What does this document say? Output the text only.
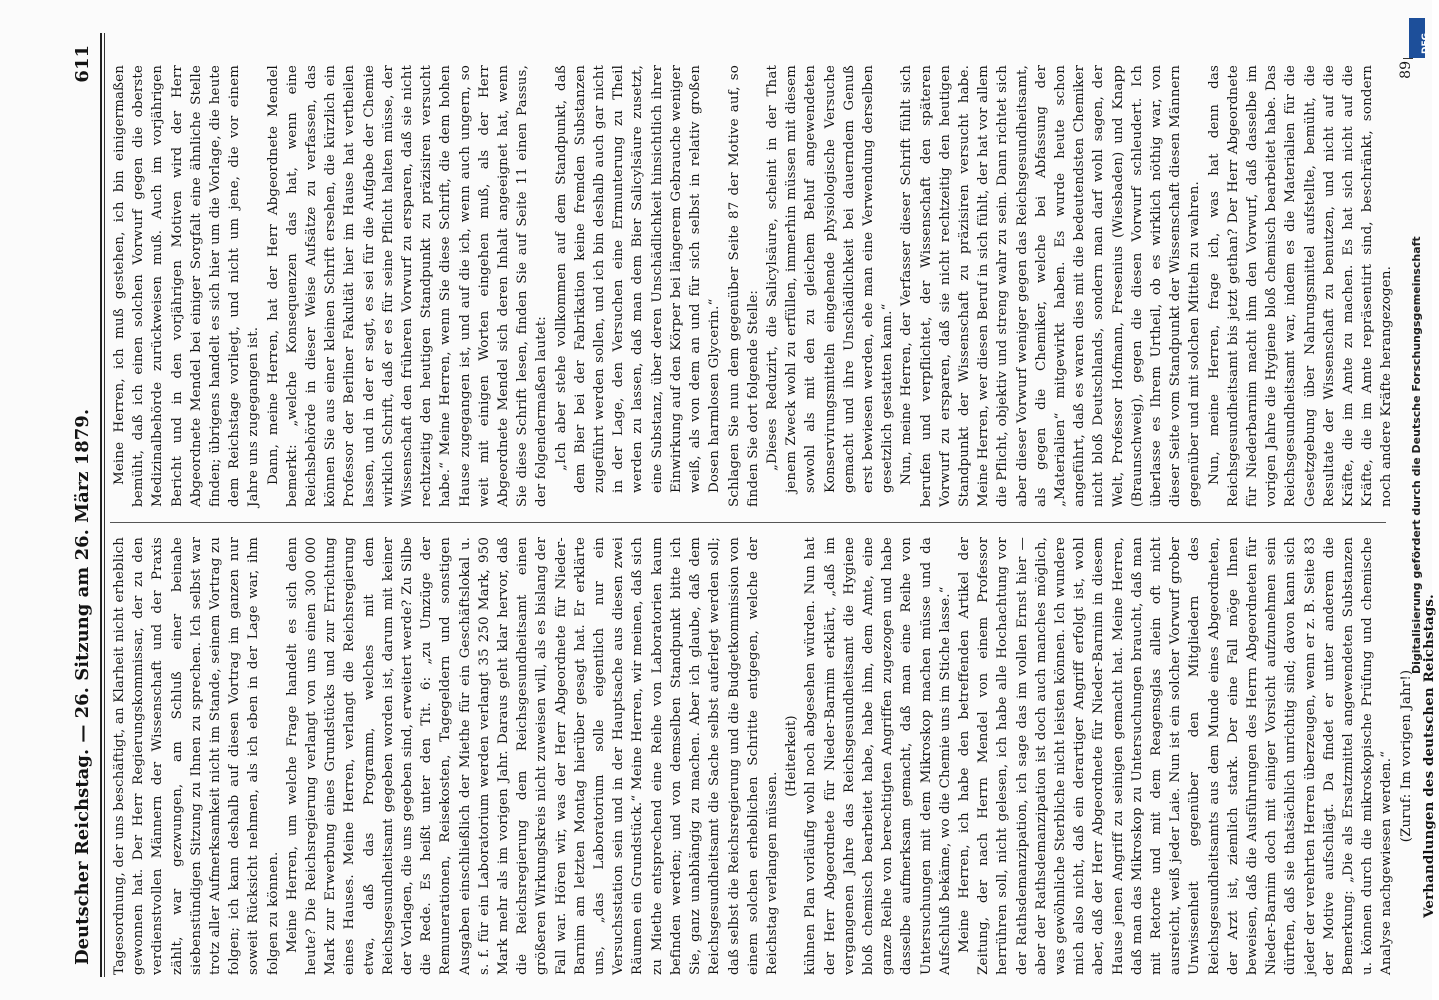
Deutscher Reichstag. — 26. Sitzung am 26. März 1879.
611

Tagesordnung, der uns beschäftigt, an Klarheit nicht erheblich gewonnen hat. Der Herr Regierungskommissar, der zu den verdienstvollen Männern der Wissenschaft und der Praxis zählt, war gezwungen, am Schluß einer beinahe siebenstündigen Sitzung zu Ihnen zu sprechen. Ich selbst war trotz aller Aufmerksamkeit nicht im Stande, seinem Vortrag zu folgen; ich kann deshalb auf diesen Vortrag im ganzen nur soweit Rücksicht nehmen, als ich eben in der Lage war, ihm folgen zu können. Meine Herren, um welche Frage handelt es sich denn heute? Die Reichsregierung verlangt von uns einen 300 000 Mark zur Erwerbung eines Grundstücks und zur Errichtung eines Hauses. Meine Herren, verlangt die Reichsregierung etwa, daß das Programm, welches mit dem Reichsgesundheitsamt gegeben worden ist, darum mit keiner der Vorlagen, die uns gegeben sind, erweitert werde? Zu Silbe die Rede. Es heißt unter den Tit. 6: „zu Umzüge der Remunerationen, Reisekosten, Tagegeldern und sonstigen Ausgaben einschließlich der Miethe für ein Geschäftslokal u. s. f. für ein Laboratorium werden verlangt 35 250 Mark, 950 Mark mehr als im vorigen Jahr. Daraus geht klar hervor, daß die Reichsregierung dem Reichsgesundheitsamt einen größeren Wirkungskreis nicht zuweisen will, als es bislang der Fall war. Hören wir, was der Herr Abgeordnete für Nieder-Barnim am letzten Montag hierüber gesagt hat. Er erklärte uns, „das Laboratorium solle eigentlich nur ein Versuchsstation sein und in der Hauptsache aus diesen zwei Räumen ein Grundstück.“ Meine Herren, wir meinen, daß sich zu Miethe entsprechend eine Reihe von Laboratorien kaum befinden werden; und von demselben Standpunkt bitte ich Sie, ganz unabhängig zu machen. Aber ich glaube, daß dem Reichsgesundheitsamt die Sache selbst auferlegt werden soll; daß selbst die Reichsregierung und die Budgetkommission von einem solchen erheblichen Schritte entgegen, welche der Reichstag verlangen müssen.

(Heiterkeit) kühnen Plan vorläufig wohl noch abgesehen würden. Nun hat der Herr Abgeordnete für Nieder-Barnim erklärt, „daß im vergangenen Jahre das Reichsgesundheitsamt die Hygiene bloß chemisch bearbeitet habe, habe ihm, dem Amte, eine ganze Reihe von berechtigten Angriffen zugezogen und habe dasselbe aufmerksam gemacht, daß man eine Reihe von Untersuchungen mit dem Mikroskop machen müsse und da Aufschluß bekäme, wo die Chemie uns im Stiche lasse.“ Meine Herren, ich habe den betreffenden Artikel der Zeitung, der nach Herrn Mendel von einem Professor herrühren soll, nicht gelesen, ich habe alle Hochachtung vor der Rathsdemanzipation, ich sage das im vollen Ernst hier — aber der Rathsdemanzipation ist doch auch manches möglich, was gewöhnliche Sterbliche nicht leisten können. Ich wundere mich also nicht, daß ein derartiger Angriff erfolgt ist, wohl aber, daß der Herr Abgeordnete für Nieder-Barnim in diesem Hause jenen Angriff zu seinigen gemacht hat. Meine Herren, daß man das Mikroskop zu Untersuchungen braucht, daß man mit Retorte und mit dem Reagensglas allein oft nicht ausreicht, weiß jeder Laie. Nun ist ein solcher Vorwurf grober Unwissenheit gegenüber den Mitgliedern des Reichsgesundheitsamts aus dem Munde eines Abgeordneten, der Arzt ist, ziemlich stark. Der eine Fall möge Ihnen beweisen, daß die Ausführungen des Herrn Abgeordneten für Nieder-Barnim doch mit einiger Vorsicht aufzunehmen sein dürften, daß sie thatsächlich unrichtig sind; davon kann sich jeder der verehrten Herren überzeugen, wenn er z. B. Seite 83 der Motive aufschlägt. Da findet er unter anderem die Bemerkung: „Die als Ersatzmittel angewendeten Substanzen u. können durch die mikroskopische Prüfung und chemische Analyse nachgewiesen werden.“ (Zuruf: Im vorigen Jahr!) Verhandlungen des deutschen Reichstags.

Meine Herren, ich muß gestehen, ich bin einigermaßen bemüht, daß ich einen solchen Vorwurf gegen die oberste Medizinalbehörde zurückweisen muß. Auch im vorjährigen Bericht und in den vorjährigen Motiven wird der Herr Abgeordnete Mendel bei einiger Sorgfalt eine ähnliche Stelle finden; übrigens handelt es sich hier um die Vorlage, die heute dem Reichstage vorliegt, und nicht um jene, die vor einem Jahre uns zugegangen ist. Dann, meine Herren, hat der Herr Abgeordnete Mendel bemerkt: „welche Konsequenzen das hat, wenn eine Reichsbehörde in dieser Weise Aufsätze zu verfassen, das können Sie aus einer kleinen Schrift ersehen, die kürzlich ein Professor der Berliner Fakultät hier im Hause hat vertheilen lassen, und in der er sagt, es sei für die Aufgabe der Chemie wirklich Schrift, daß er es für seine Pflicht halten müsse, der Wissenschaft den früheren Vorwurf zu ersparen, daß sie nicht rechtzeitig den heutigen Standpunkt zu präzisiren versucht habe.“ Meine Herren, wenn Sie diese Schrift, die dem hohen Hause zugegangen ist, und auf die ich, wenn auch ungern, so weit mit einigen Worten eingehen muß, als der Herr Abgeordnete Mendel sich deren Inhalt angeeignet hat, wenn Sie diese Schrift lesen, finden Sie auf Seite 11 einen Passus, der folgendermaßen lautet: „Ich aber stehe vollkommen auf dem Standpunkt, daß dem Bier bei der Fabrikation keine fremden Substanzen zugeführt werden sollen, und ich bin deshalb auch gar nicht in der Lage, den Versuchen eine Ermunterung zu Theil werden zu lassen, daß man dem Bier Salicylsäure zusetzt, eine Substanz, über deren Unschädlichkeit hinsichtlich ihrer Einwirkung auf den Körper bei längerem Gebrauche weniger weiß, als von dem an und für sich selbst in relativ großen Dosen harmlosen Glycerin.“ Schlagen Sie nun dem gegenüber Seite 87 der Motive auf, so finden Sie dort folgende Stelle: „Dieses Reduzirt, die Salicylsäure, scheint in der That jenem Zweck wohl zu erfüllen, immerhin müssen mit diesem sowohl als mit den zu gleichem Behuf angewendeten Konservirungsmitteln eingehende physiologische Versuche gemacht und ihre Unschädlichkeit bei dauerndem Genuß erst bewiesen werden, ehe man eine Verwendung derselben gesetzlich gestatten kann.“ Nun, meine Herren, der Verfasser dieser Schrift fühlt sich berufen und verpflichtet, der Wissenschaft den späteren Vorwurf zu ersparen, daß sie nicht rechtzeitig den heutigen Standpunkt der Wissenschaft zu präzisiren versucht habe. Meine Herren, wer diesen Beruf in sich fühlt, der hat vor allem die Pflicht, objektiv und streng wahr zu sein. Dann richtet sich aber dieser Vorwurf weniger gegen das Reichsgesundheitsamt, als gegen die Chemiker, welche bei Abfassung der „Materialien“ mitgewirkt haben. Es wurde heute schon angeführt, daß es waren dies mit die bedeutendsten Chemiker nicht bloß Deutschlands, sondern man darf wohl sagen, der Welt, Professor Hofmann, Fresenius (Wiesbaden) und Knapp (Braunschweig), gegen die diesen Vorwurf schleudert. Ich überlasse es Ihrem Urtheil, ob es wirklich nöthig war, von dieser Seite vom Standpunkt der Wissenschaft diesen Männern gegenüber und mit solchen Mitteln zu wahren. Nun, meine Herren, frage ich, was hat denn das Reichsgesundheitsamt bis jetzt gethan? Der Herr Abgeordnete für Niederbarnim macht ihm den Vorwurf, daß dasselbe im vorigen Jahre die Hygiene bloß chemisch bearbeitet habe. Das Reichsgesundheitsamt war, indem es die Materialien für die Gesetzgebung über Nahrungsmittel aufstellte, bemüht, die Resultate der Wissenschaft zu benutzen, und nicht auf die Kräfte, die im Amte zu machen. Es hat sich nicht auf die Kräfte, die im Amte repräsentirt sind, beschränkt, sondern noch andere Kräfte herangezogen.

89
DFG
Digitalisierung gefördert durch die Deutsche Forschungsgemeinschaft
